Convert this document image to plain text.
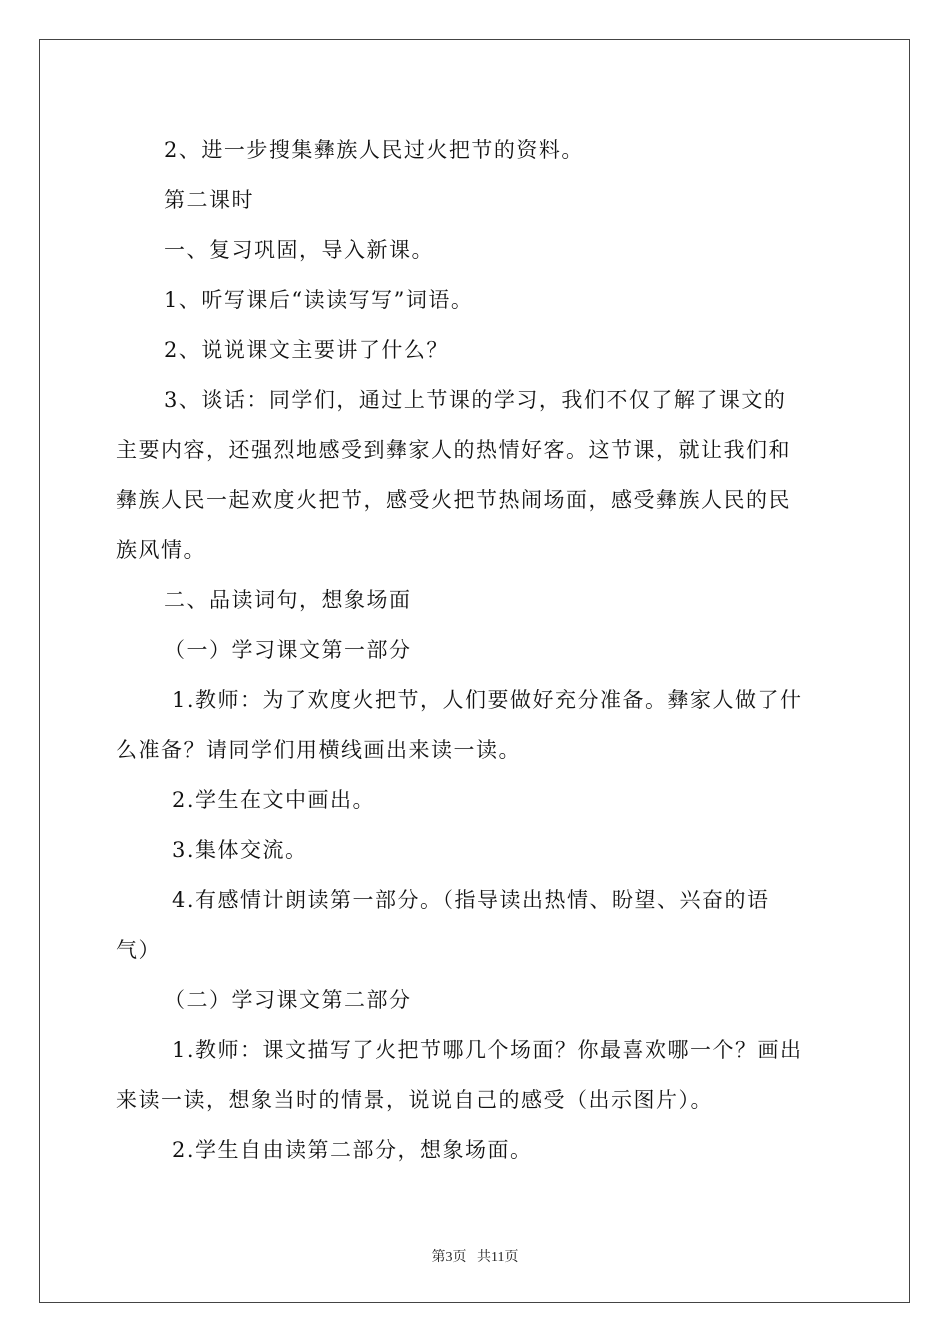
2、进一步搜集彝族人民过火把节的资料。

第二课时

一、复习巩固，导入新课。

1、听写课后“读读写写”词语。

2、说说课文主要讲了什么？

3、谈话：同学们，通过上节课的学习，我们不仅了解了课文的

主要内容，还强烈地感受到彝家人的热情好客。这节课，就让我们和

彝族人民一起欢度火把节，感受火把节热闹场面，感受彝族人民的民

族风情。

二、品读词句，想象场面

（一）学习课文第一部分

1.教师：为了欢度火把节，人们要做好充分准备。彝家人做了什

么准备？请同学们用横线画出来读一读。

2.学生在文中画出。

3.集体交流。

4.有感情计朗读第一部分。（指导读出热情、盼望、兴奋的语

气）

（二）学习课文第二部分

1.教师：课文描写了火把节哪几个场面？你最喜欢哪一个？画出

来读一读，想象当时的情景，说说自己的感受（出示图片）。

2.学生自由读第二部分，想象场面。

第3页 共11页
